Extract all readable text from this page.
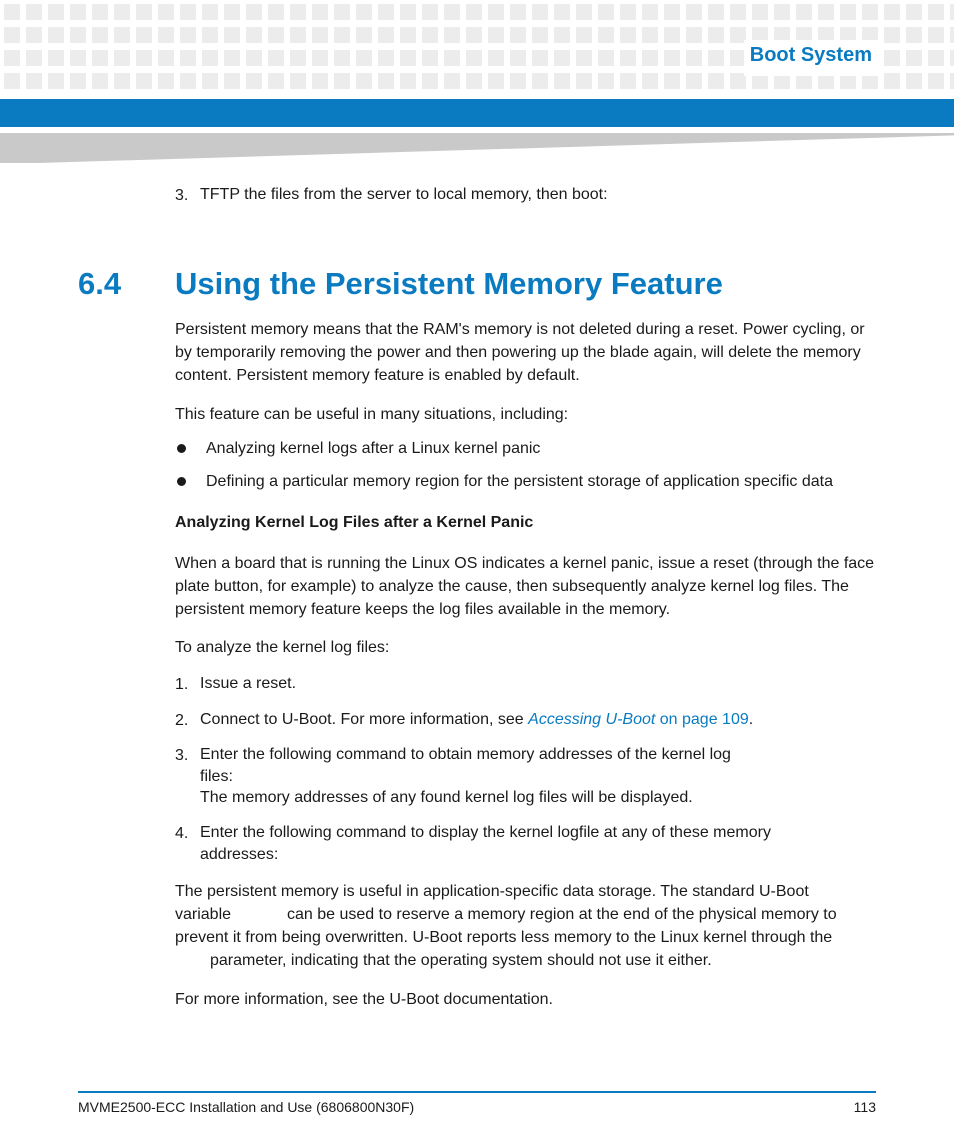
Boot System
3. TFTP the files from the server to local memory, then boot:
6.4 Using the Persistent Memory Feature

Persistent memory means that the RAM's memory is not deleted during a reset. Power cycling, or by temporarily removing the power and then powering up the blade again, will delete the memory content. Persistent memory feature is enabled by default.

This feature can be useful in many situations, including:

Analyzing kernel logs after a Linux kernel panic
Defining a particular memory region for the persistent storage of application specific data
Analyzing Kernel Log Files after a Kernel Panic

When a board that is running the Linux OS indicates a kernel panic, issue a reset (through the face plate button, for example) to analyze the cause, then subsequently analyze kernel log files. The persistent memory feature keeps the log files available in the memory.

To analyze the kernel log files:

1. Issue a reset.
2. Connect to U-Boot. For more information, see Accessing U-Boot on page 109.
3. Enter the following command to obtain memory addresses of the kernel log
files:
The memory addresses of any found kernel log files will be displayed.
4. Enter the following command to display the kernel logfile at any of these memory
addresses:
The persistent memory is useful in application-specific data storage. The standard U-Boot
variable	can be used to reserve a memory region at the end of the physical memory to
prevent it from being overwritten. U-Boot reports less memory to the Linux kernel through the
parameter, indicating that the operating system should not use it either.

For more information, see the U-Boot documentation.

MVME2500-ECC Installation and Use (6806800N30F)	113
